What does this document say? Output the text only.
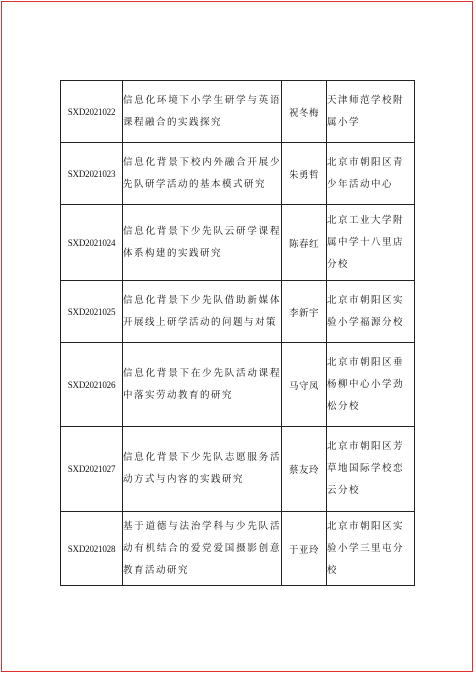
SXD2021022	信息化环境下小学生研学与英语课程融合的实践探究	祝冬梅	天津师范学校附属小学
SXD2021023	信息化背景下校内外融合开展少先队研学活动的基本模式研究	朱勇哲	北京市朝阳区青少年活动中心
SXD2021024	信息化背景下少先队云研学课程体系构建的实践研究	陈春红	北京工业大学附属中学十八里店分校
SXD2021025	信息化背景下少先队借助新媒体开展线上研学活动的问题与对策	李新宇	北京市朝阳区实验小学福源分校
SXD2021026	信息化背景下在少先队活动课程中落实劳动教育的研究	马守凤	北京市朝阳区垂杨柳中心小学劲松分校
SXD2021027	信息化背景下少先队志愿服务活动方式与内容的实践研究	蔡友玲	北京市朝阳区芳草地国际学校恋云分校
SXD2021028	基于道德与法治学科与少先队活动有机结合的爱党爱国摄影创意教育活动研究	于亚玲	北京市朝阳区实验小学三里屯分校
